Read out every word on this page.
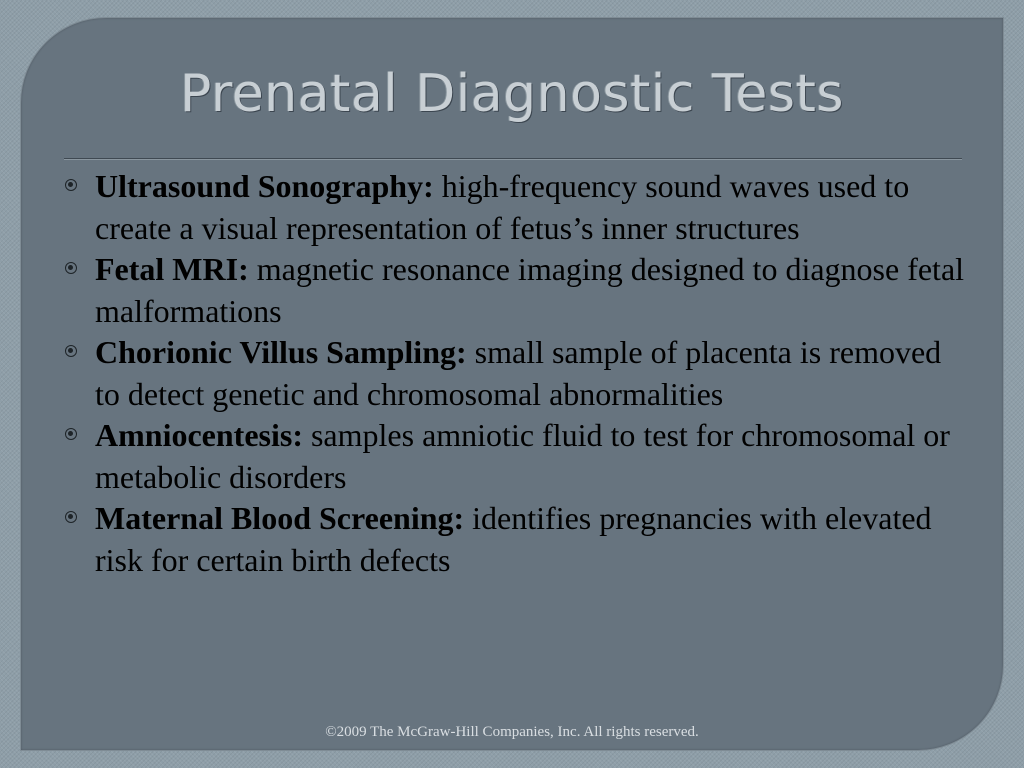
Prenatal Diagnostic Tests
Ultrasound Sonography: high-frequency sound waves used to create a visual representation of fetus’s inner structures
Fetal MRI: magnetic resonance imaging designed to diagnose fetal malformations
Chorionic Villus Sampling: small sample of placenta is removed to detect genetic and chromosomal abnormalities
Amniocentesis: samples amniotic fluid to test for chromosomal or metabolic disorders
Maternal Blood Screening: identifies pregnancies with elevated risk for certain birth defects
©2009 The McGraw-Hill Companies, Inc. All rights reserved.
